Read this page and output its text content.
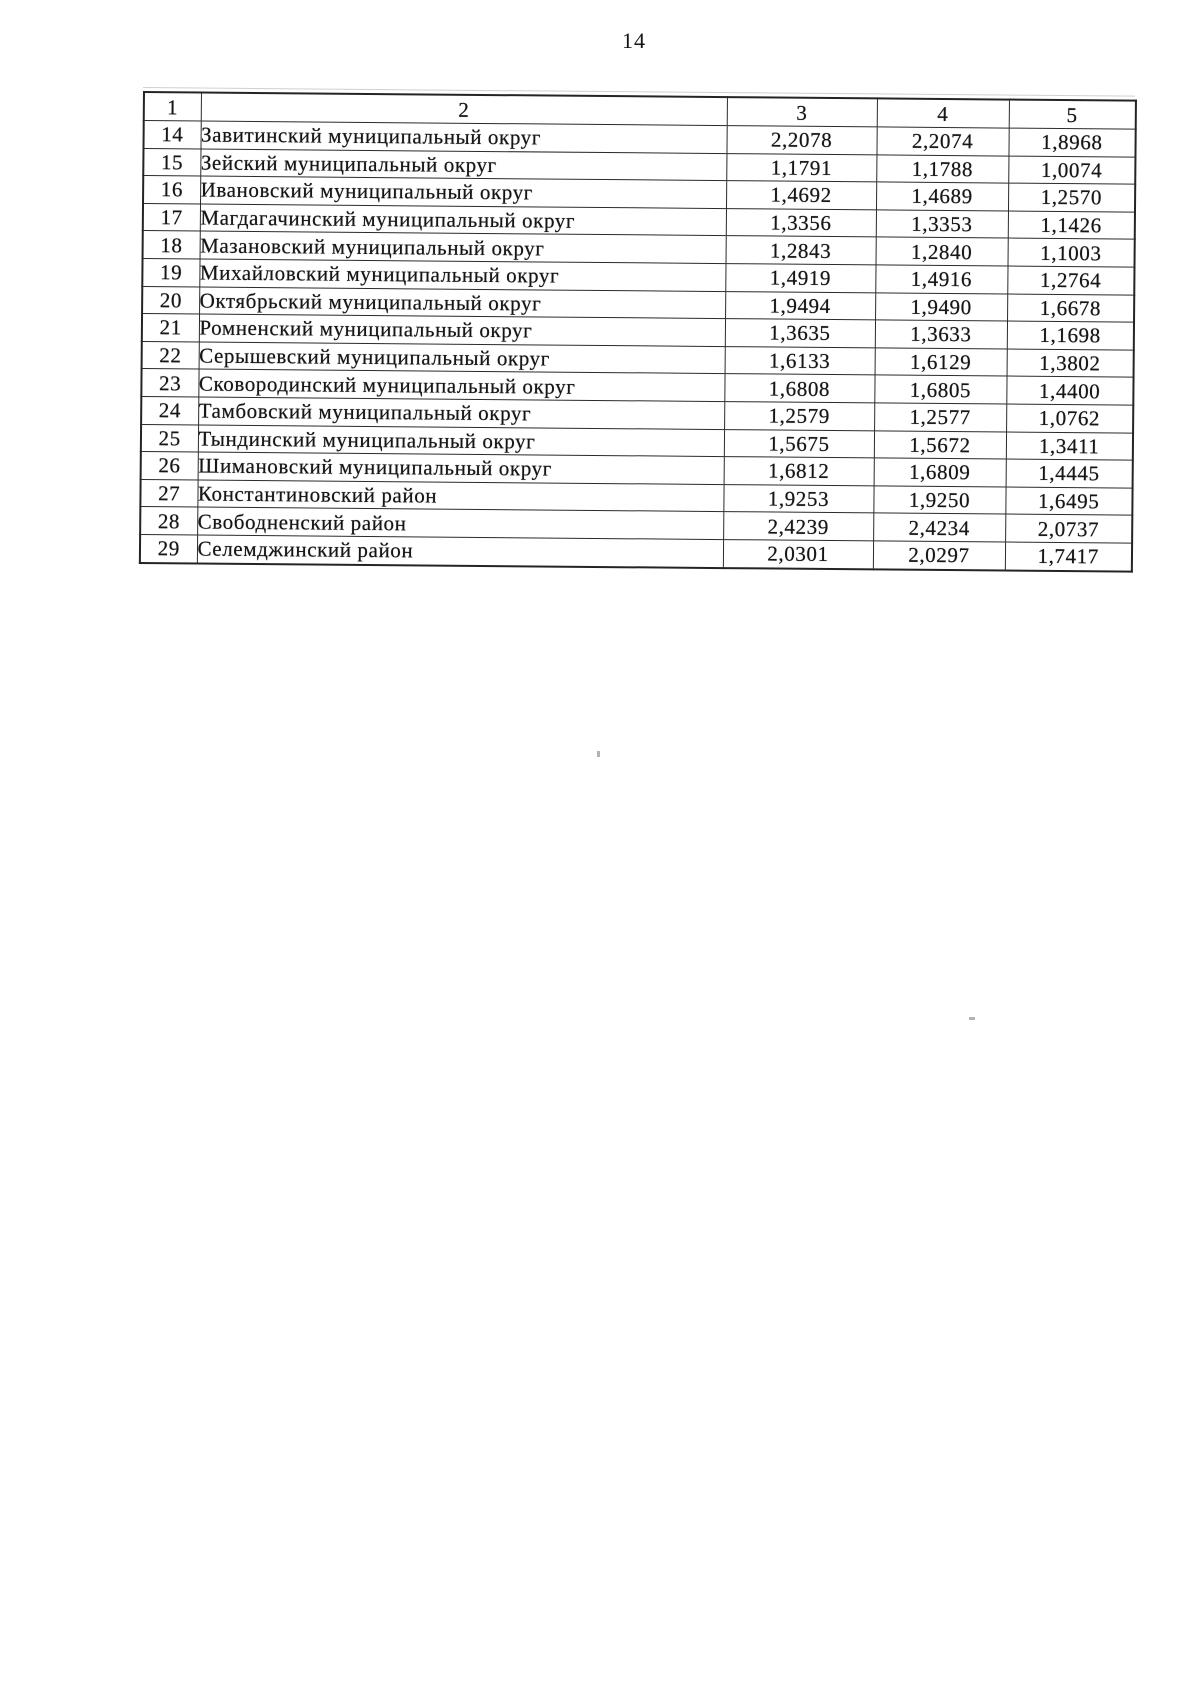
14
1	2	3	4	5
14	Завитинский муниципальный округ	2,2078	2,2074	1,8968
15	Зейский муниципальный округ	1,1791	1,1788	1,0074
16	Ивановский муниципальный округ	1,4692	1,4689	1,2570
17	Магдагачинский муниципальный округ	1,3356	1,3353	1,1426
18	Мазановский муниципальный округ	1,2843	1,2840	1,1003
19	Михайловский муниципальный округ	1,4919	1,4916	1,2764
20	Октябрьский муниципальный округ	1,9494	1,9490	1,6678
21	Ромненский муниципальный округ	1,3635	1,3633	1,1698
22	Серышевский муниципальный округ	1,6133	1,6129	1,3802
23	Сковородинский муниципальный округ	1,6808	1,6805	1,4400
24	Тамбовский муниципальный округ	1,2579	1,2577	1,0762
25	Тындинский муниципальный округ	1,5675	1,5672	1,3411
26	Шимановский муниципальный округ	1,6812	1,6809	1,4445
27	Константиновский район	1,9253	1,9250	1,6495
28	Свободненский район	2,4239	2,4234	2,0737
29	Селемджинский район	2,0301	2,0297	1,7417
